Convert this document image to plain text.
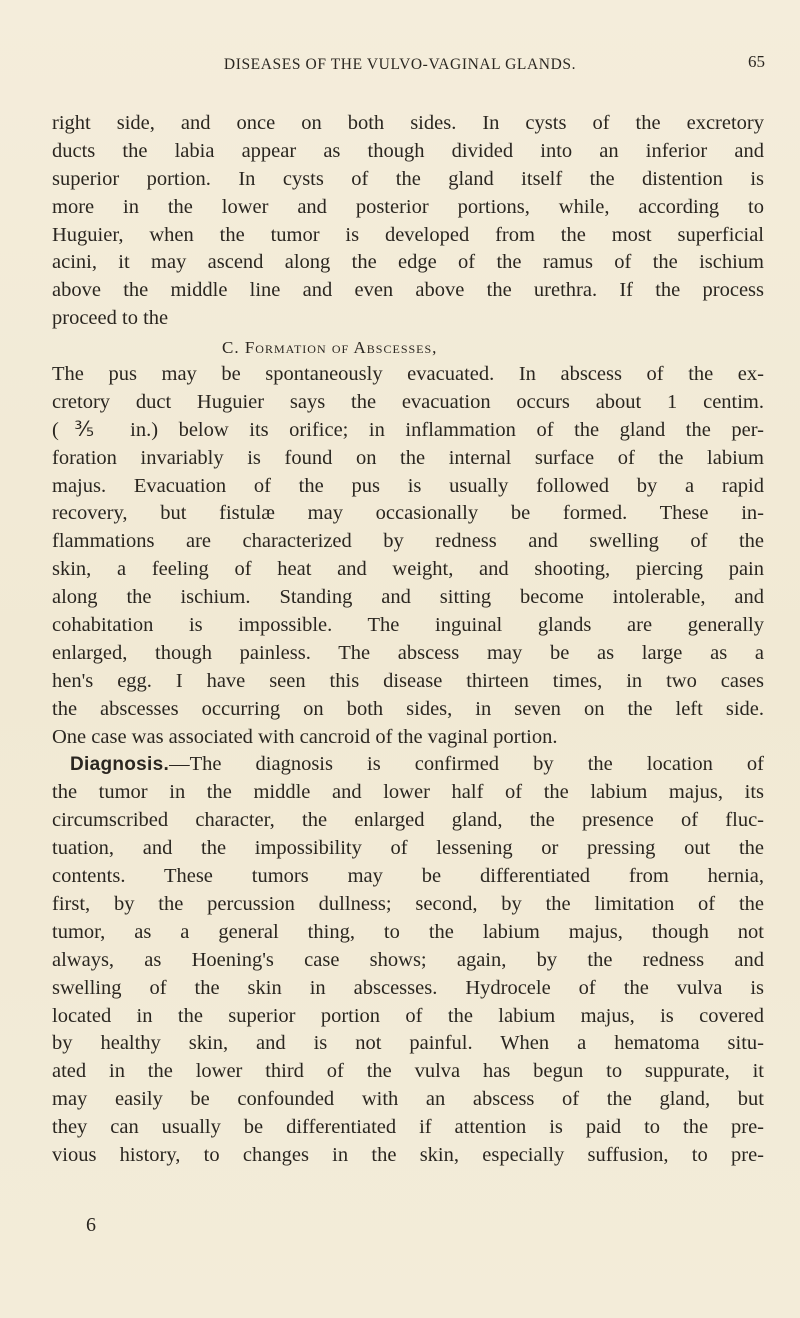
DISEASES OF THE VULVO-VAGINAL GLANDS.	65
right side, and once on both sides. In cysts of the excretory
ducts the labia appear as though divided into an inferior and
superior portion. In cysts of the gland itself the distention is
more in the lower and posterior portions, while, according to
Huguier, when the tumor is developed from the most superficial
acini, it may ascend along the edge of the ramus of the ischium
above the middle line and even above the urethra. If the process
proceed to the
C. Formation of Abscesses,
The pus may be spontaneously evacuated. In abscess of the ex-
cretory duct Huguier says the evacuation occurs about 1 centim.
(⅗ in.) below its orifice; in inflammation of the gland the per-
foration invariably is found on the internal surface of the labium
majus. Evacuation of the pus is usually followed by a rapid
recovery, but fistulæ may occasionally be formed. These in-
flammations are characterized by redness and swelling of the
skin, a feeling of heat and weight, and shooting, piercing pain
along the ischium. Standing and sitting become intolerable, and
cohabitation is impossible. The inguinal glands are generally
enlarged, though painless. The abscess may be as large as a
hen's egg. I have seen this disease thirteen times, in two cases
the abscesses occurring on both sides, in seven on the left side.
One case was associated with cancroid of the vaginal portion.
Diagnosis.—The diagnosis is confirmed by the location of
the tumor in the middle and lower half of the labium majus, its
circumscribed character, the enlarged gland, the presence of fluc-
tuation, and the impossibility of lessening or pressing out the
contents. These tumors may be differentiated from hernia,
first, by the percussion dullness; second, by the limitation of the
tumor, as a general thing, to the labium majus, though not
always, as Hoening's case shows; again, by the redness and
swelling of the skin in abscesses. Hydrocele of the vulva is
located in the superior portion of the labium majus, is covered
by healthy skin, and is not painful. When a hematoma situ-
ated in the lower third of the vulva has begun to suppurate, it
may easily be confounded with an abscess of the gland, but
they can usually be differentiated if attention is paid to the pre-
vious history, to changes in the skin, especially suffusion, to pre-
6
